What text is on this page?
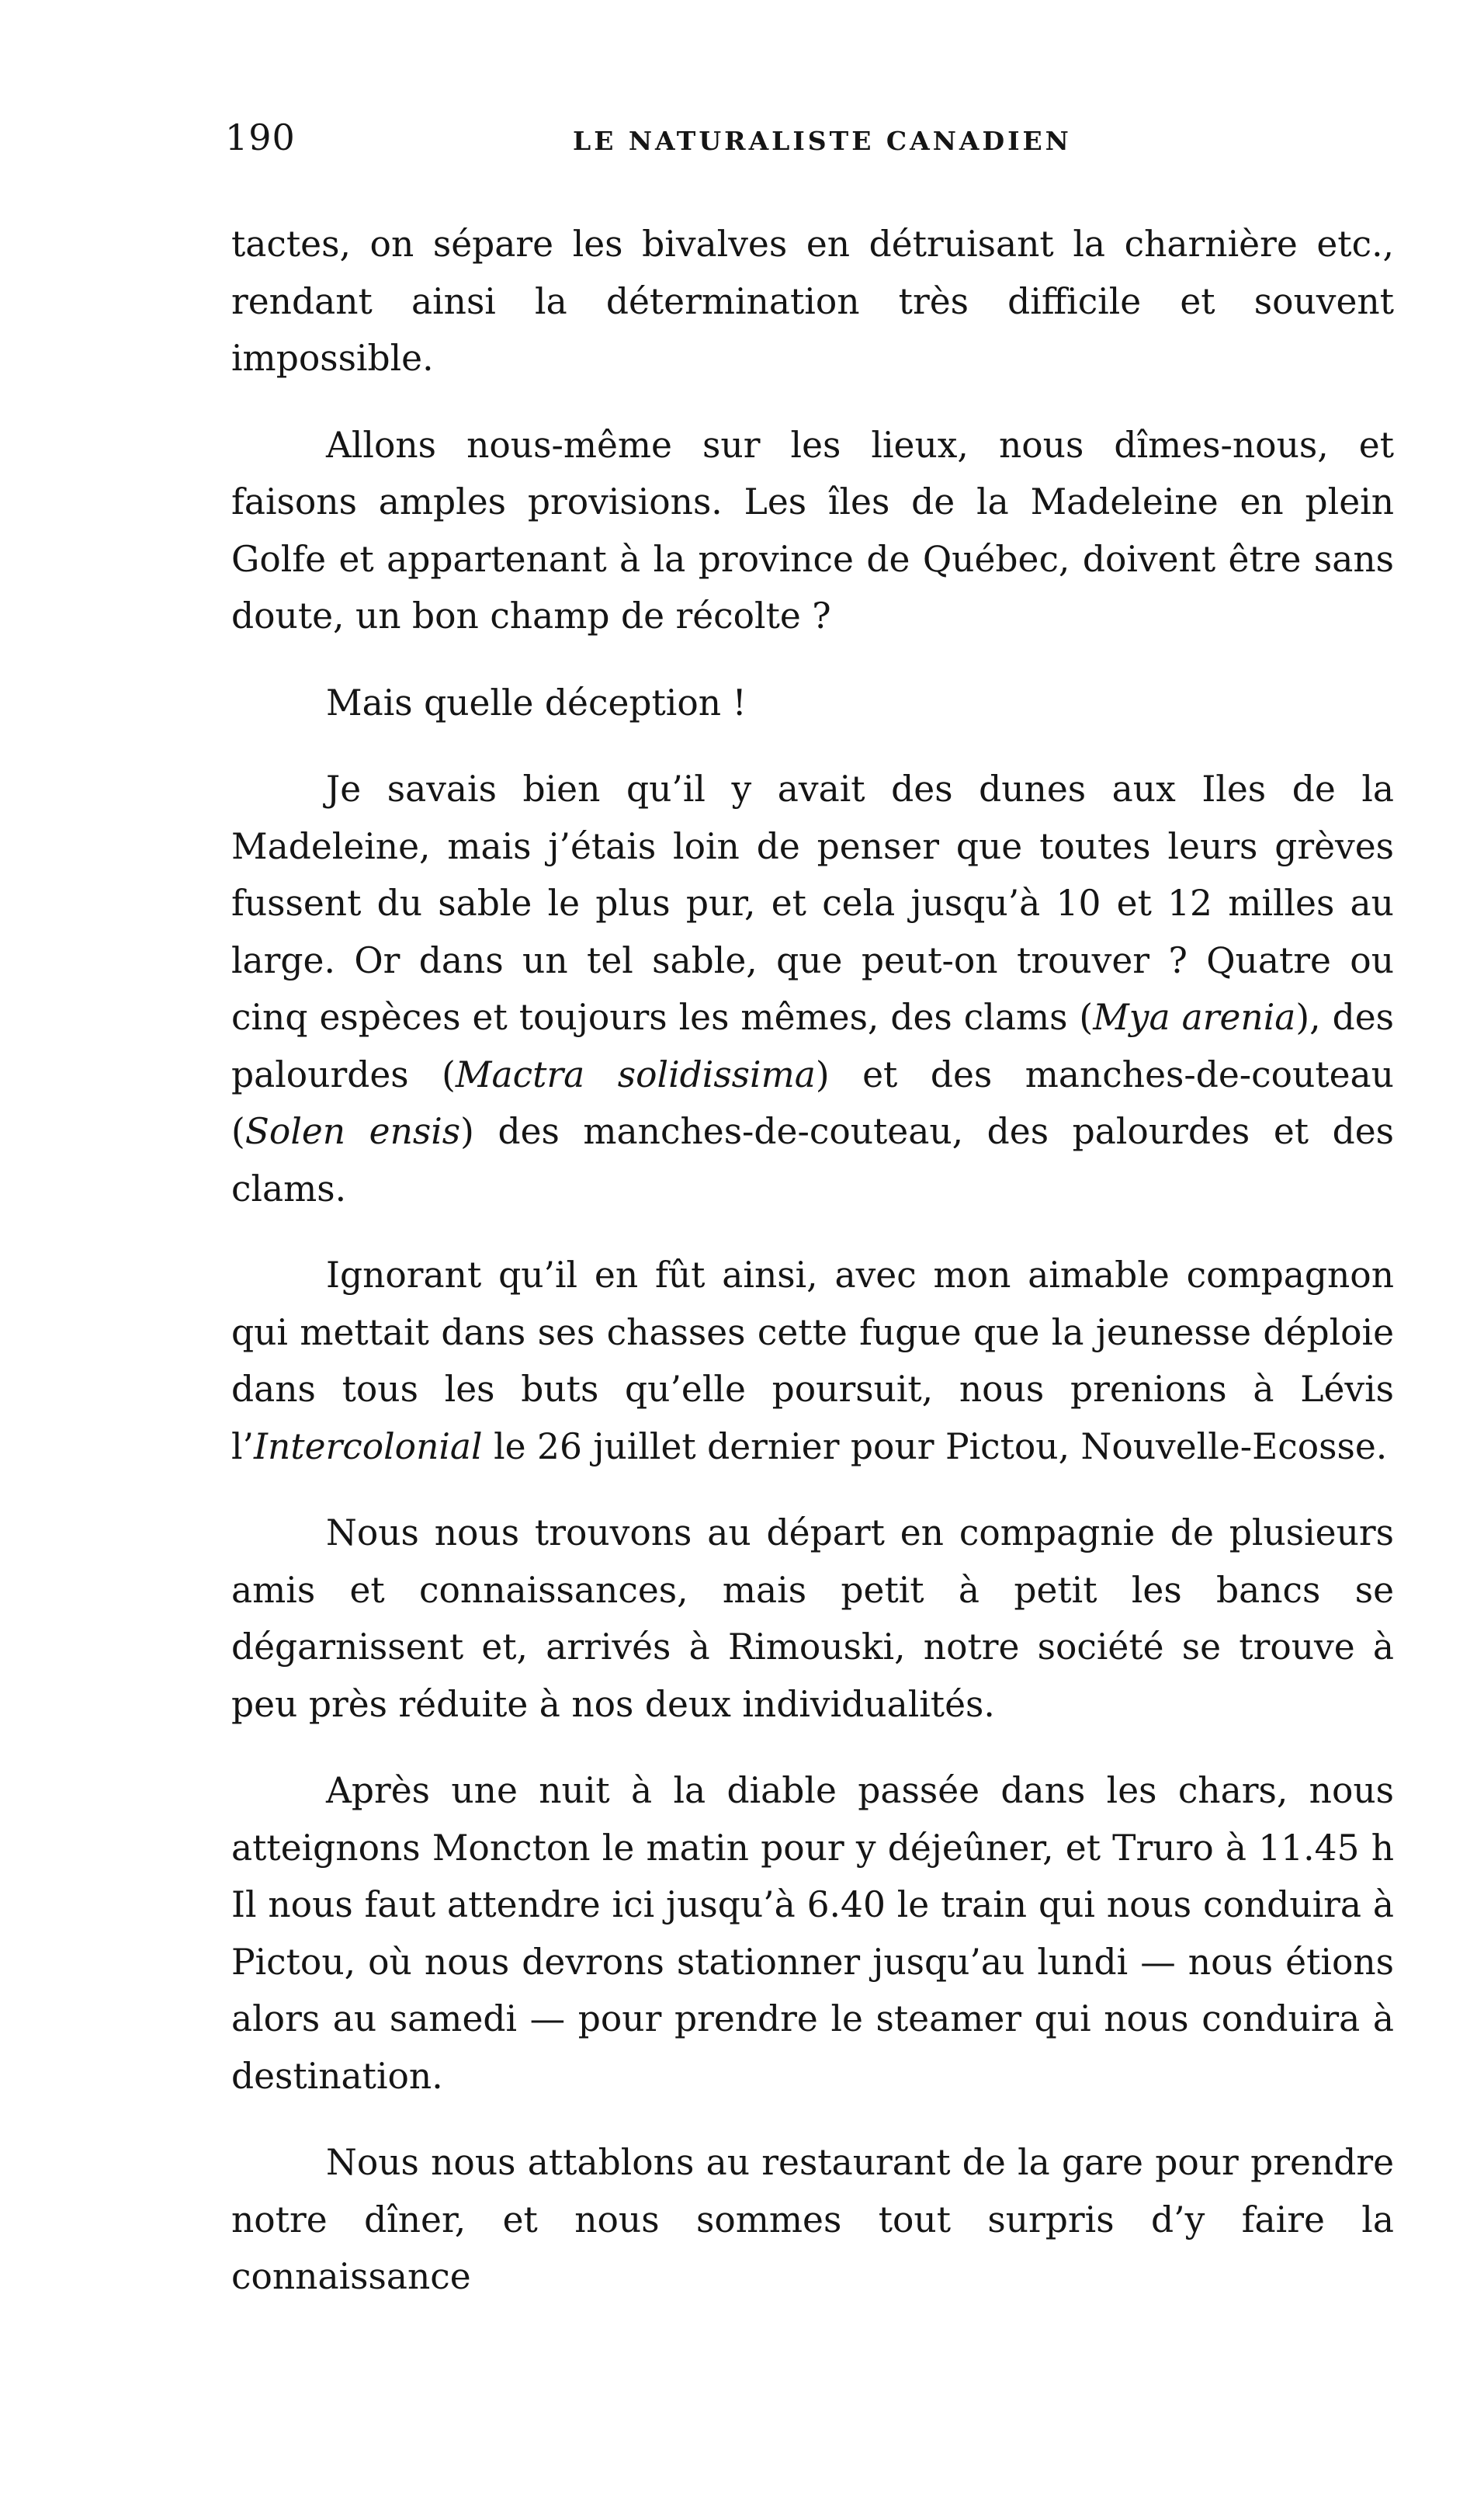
190	LE NATURALISTE CANADIEN

tactes, on sépare les bivalves en détruisant la charnière etc., rendant ainsi la détermination très difficile et souvent impossible.

Allons nous-même sur les lieux, nous dîmes-nous, et faisons amples provisions. Les îles de la Madeleine en plein Golfe et appartenant à la province de Québec, doivent être sans doute, un bon champ de récolte ?

Mais quelle déception !

Je savais bien qu’il y avait des dunes aux Iles de la Madeleine, mais j’étais loin de penser que toutes leurs grèves fussent du sable le plus pur, et cela jusqu’à 10 et 12 milles au large. Or dans un tel sable, que peut-on trouver ? Quatre ou cinq espèces et toujours les mêmes, des clams (Mya arenia), des palourdes (Mactra solidissima) et des manches-de-couteau (Solen ensis) des manches-de-couteau, des palourdes et des clams.

Ignorant qu’il en fût ainsi, avec mon aimable compagnon qui mettait dans ses chasses cette fugue que la jeunesse déploie dans tous les buts qu’elle poursuit, nous prenions à Lévis l’Intercolonial le 26 juillet dernier pour Pictou, Nouvelle-Ecosse.

Nous nous trouvons au départ en compagnie de plusieurs amis et connaissances, mais petit à petit les bancs se dégarnissent et, arrivés à Rimouski, notre société se trouve à peu près réduite à nos deux individualités.

Après une nuit à la diable passée dans les chars, nous atteignons Moncton le matin pour y déjeûner, et Truro à 11.45 h Il nous faut attendre ici jusqu’à 6.40 le train qui nous conduira à Pictou, où nous devrons stationner jusqu’au lundi — nous étions alors au samedi — pour prendre le steamer qui nous conduira à destination.

Nous nous attablons au restaurant de la gare pour prendre notre dîner, et nous sommes tout surpris d’y faire la connaissance
